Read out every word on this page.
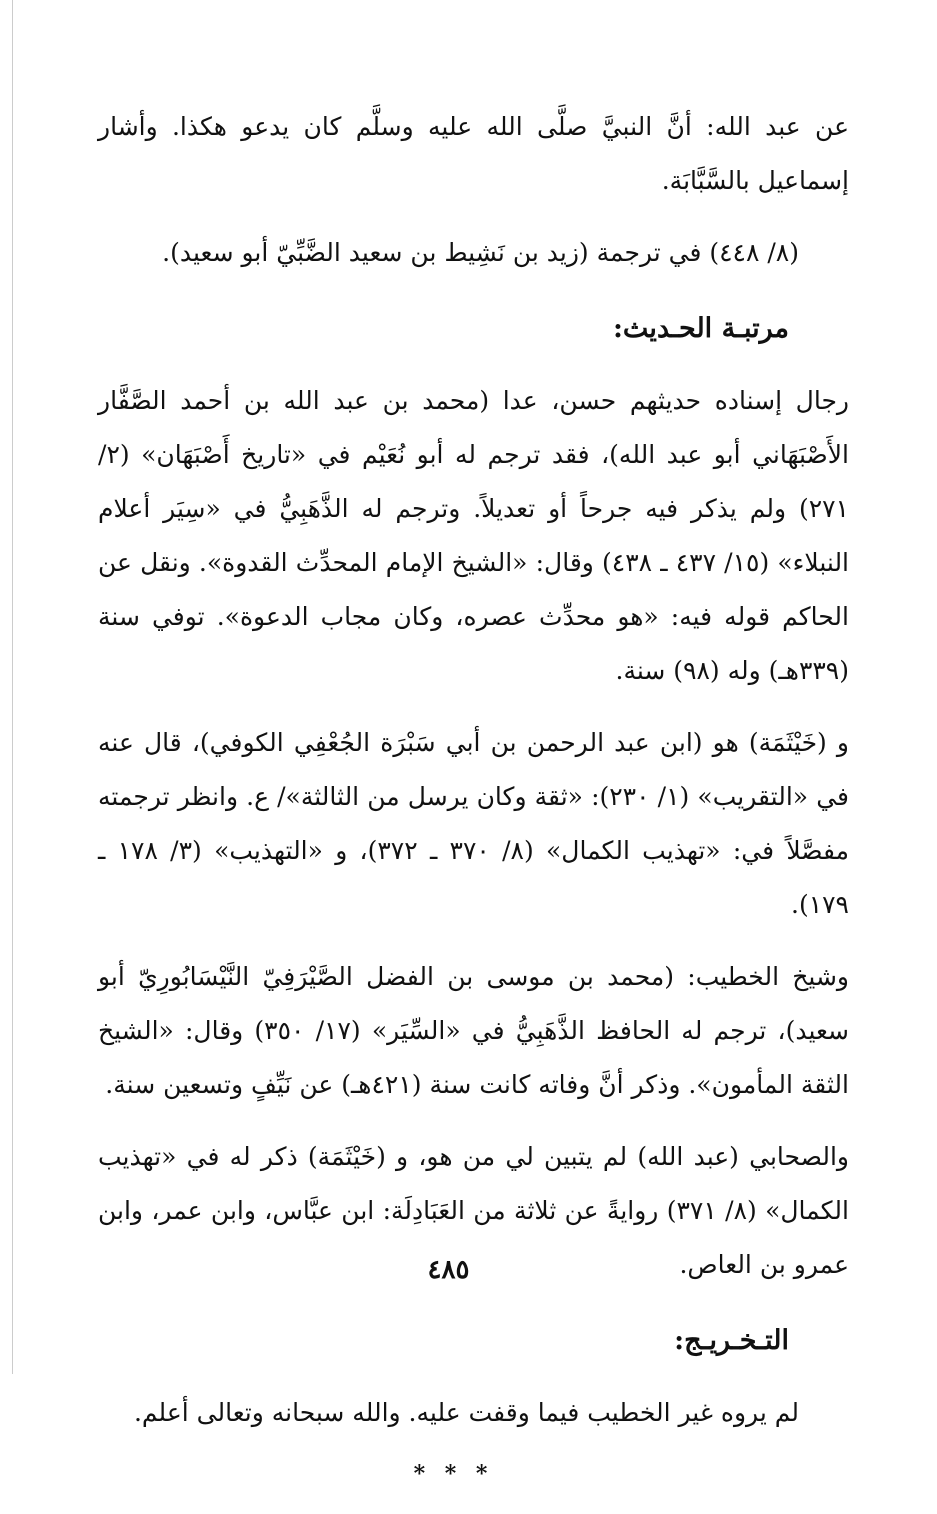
عن عبد الله: أنَّ النبيَّ صلَّى الله عليه وسلَّم كان يدعو هكذا. وأشار إسماعيل بالسَّبَّابَة.

(٨/ ٤٤٨) في ترجمة (زيد بن نَشِيط بن سعيد الضَّبِّيّ أبو سعيد).

مرتبـة الحـديث:

رجال إسناده حديثهم حسن، عدا (محمد بن عبد الله بن أحمد الصَّفَّار الأَصْبَهَاني أبو عبد الله)، فقد ترجم له أبو نُعَيْم في «تاريخ أَصْبَهَان» (٢/ ٢٧١) ولم يذكر فيه جرحاً أو تعديلاً. وترجم له الذَّهَبِيُّ في «سِيَر أعلام النبلاء» (١٥/ ٤٣٧ ـ ٤٣٨) وقال: «الشيخ الإمام المحدِّث القدوة». ونقل عن الحاكم قوله فيه: «هو محدِّث عصره، وكان مجاب الدعوة». توفي سنة (٣٣٩هـ) وله (٩٨) سنة.

و (خَيْثَمَة) هو (ابن عبد الرحمن بن أبي سَبْرَة الجُعْفِي الكوفي)، قال عنه في «التقريب» (١/ ٢٣٠): «ثقة وكان يرسل من الثالثة»/ ع. وانظر ترجمته مفصَّلاً في: «تهذيب الكمال» (٨/ ٣٧٠ ـ ٣٧٢)، و «التهذيب» (٣/ ١٧٨ ـ ١٧٩).

وشيخ الخطيب: (محمد بن موسى بن الفضل الصَّيْرَفِيّ النَّيْسَابُورِيّ أبو سعيد)، ترجم له الحافظ الذَّهَبِيُّ في «السِّيَر» (١٧/ ٣٥٠) وقال: «الشيخ الثقة المأمون». وذكر أنَّ وفاته كانت سنة (٤٢١هـ) عن نَيِّفٍ وتسعين سنة.

والصحابي (عبد الله) لم يتبين لي من هو، و (خَيْثَمَة) ذكر له في «تهذيب الكمال» (٨/ ٣٧١) روايةً عن ثلاثة من العَبَادِلَة: ابن عبَّاس، وابن عمر، وابن عمرو بن العاص.

التـخـريـج:

لم يروه غير الخطيب فيما وقفت عليه. والله سبحانه وتعالى أعلم.

* * *
٤٨٥
